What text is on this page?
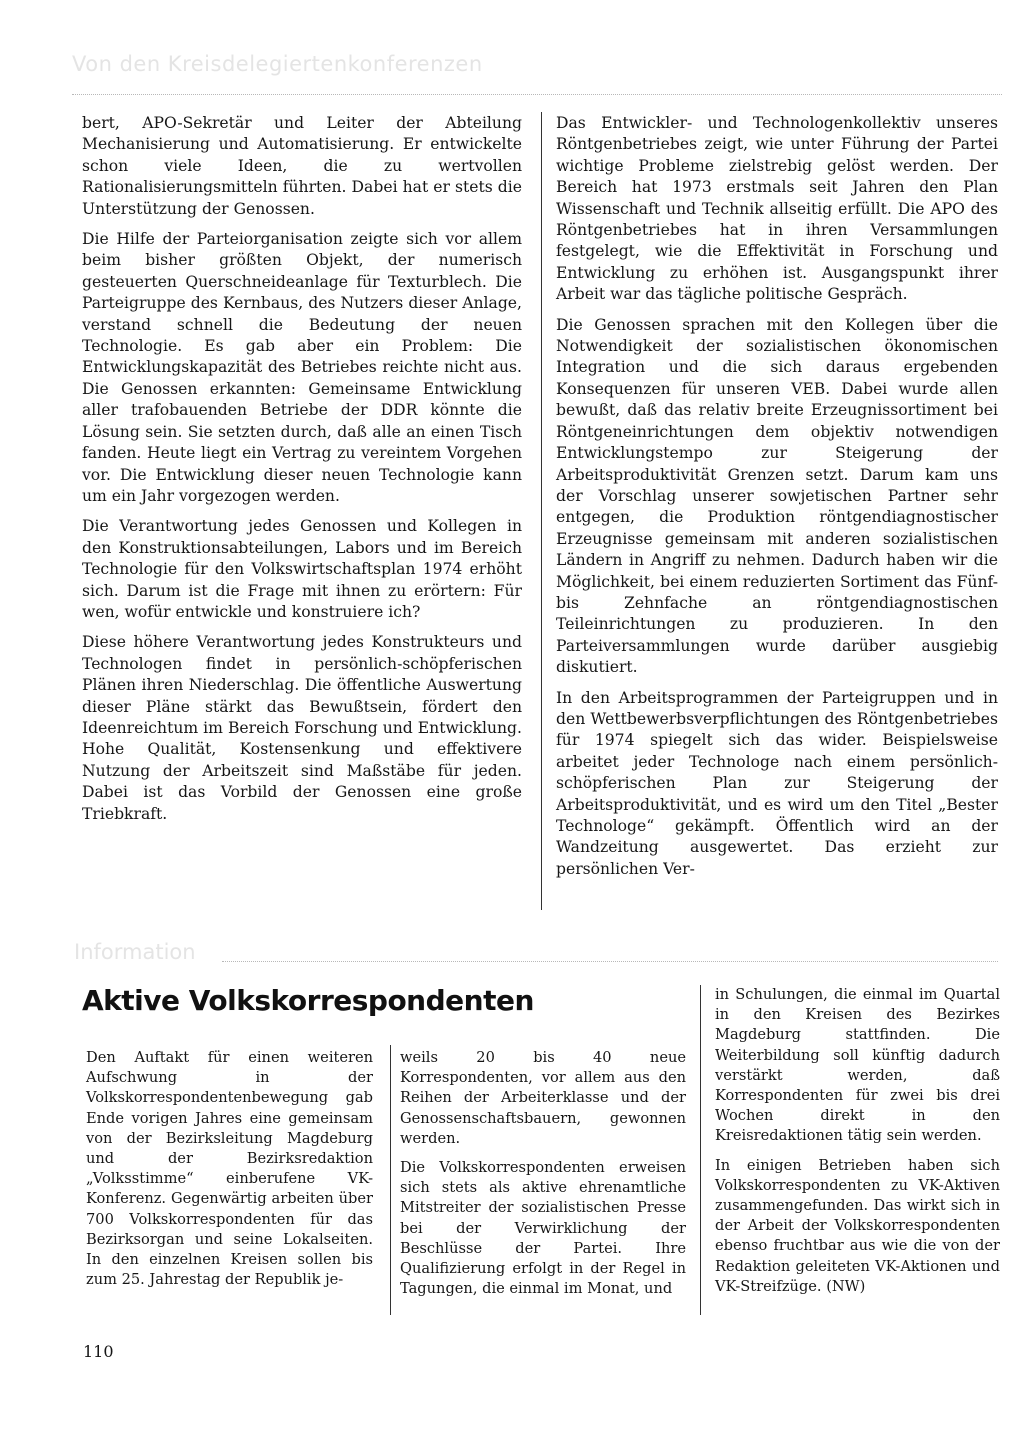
Von den Kreisdelegiertenkonferenzen

bert, APO-Sekretär und Leiter der Abteilung Mechanisierung und Automatisierung. Er entwickelte schon viele Ideen, die zu wertvollen Rationalisierungsmitteln führten. Dabei hat er stets die Unterstützung der Genossen.

Die Hilfe der Parteiorganisation zeigte sich vor allem beim bisher größten Objekt, der numerisch gesteuerten Querschneideanlage für Texturblech. Die Parteigruppe des Kernbaus, des Nutzers dieser Anlage, verstand schnell die Bedeutung der neuen Technologie. Es gab aber ein Problem: Die Entwicklungskapazität des Betriebes reichte nicht aus. Die Genossen erkannten: Gemeinsame Entwicklung aller trafobauenden Betriebe der DDR könnte die Lösung sein. Sie setzten durch, daß alle an einen Tisch fanden. Heute liegt ein Vertrag zu vereintem Vorgehen vor. Die Entwicklung dieser neuen Technologie kann um ein Jahr vorgezogen werden.

Die Verantwortung jedes Genossen und Kollegen in den Konstruktionsabteilungen, Labors und im Bereich Technologie für den Volkswirtschaftsplan 1974 erhöht sich. Darum ist die Frage mit ihnen zu erörtern: Für wen, wofür entwickle und konstruiere ich?

Diese höhere Verantwortung jedes Konstrukteurs und Technologen findet in persönlich-schöpferischen Plänen ihren Niederschlag. Die öffentliche Auswertung dieser Pläne stärkt das Bewußtsein, fördert den Ideenreichtum im Bereich Forschung und Entwicklung. Hohe Qualität, Kostensenkung und effektivere Nutzung der Arbeitszeit sind Maßstäbe für jeden. Dabei ist das Vorbild der Genossen eine große Triebkraft.

Das Entwickler- und Technologenkollektiv unseres Röntgenbetriebes zeigt, wie unter Führung der Partei wichtige Probleme zielstrebig gelöst werden. Der Bereich hat 1973 erstmals seit Jahren den Plan Wissenschaft und Technik allseitig erfüllt. Die APO des Röntgenbetriebes hat in ihren Versammlungen festgelegt, wie die Effektivität in Forschung und Entwicklung zu erhöhen ist. Ausgangspunkt ihrer Arbeit war das tägliche politische Gespräch.

Die Genossen sprachen mit den Kollegen über die Notwendigkeit der sozialistischen ökonomischen Integration und die sich daraus ergebenden Konsequenzen für unseren VEB. Dabei wurde allen bewußt, daß das relativ breite Erzeugnissortiment bei Röntgeneinrichtungen dem objektiv notwendigen Entwicklungstempo zur Steigerung der Arbeitsproduktivität Grenzen setzt. Darum kam uns der Vorschlag unserer sowjetischen Partner sehr entgegen, die Produktion röntgendiagnostischer Erzeugnisse gemeinsam mit anderen sozialistischen Ländern in Angriff zu nehmen. Dadurch haben wir die Möglichkeit, bei einem reduzierten Sortiment das Fünf- bis Zehnfache an röntgendiagnostischen Teileinrichtungen zu produzieren. In den Parteiversammlungen wurde darüber ausgiebig diskutiert.

In den Arbeitsprogrammen der Parteigruppen und in den Wettbewerbsverpflichtungen des Röntgenbetriebes für 1974 spiegelt sich das wider. Beispielsweise arbeitet jeder Technologe nach einem persönlich-schöpferischen Plan zur Steigerung der Arbeitsproduktivität, und es wird um den Titel „Bester Technologe“ gekämpft. Öffentlich wird an der Wandzeitung ausgewertet. Das erzieht zur persönlichen Ver-

Information
Aktive Volkskorrespondenten

Den Auftakt für einen weiteren Aufschwung in der Volkskorrespondentenbewegung gab Ende vorigen Jahres eine gemeinsam von der Bezirksleitung Magdeburg und der Bezirksredaktion „Volksstimme“ einberufene VK-Konferenz. Gegenwärtig arbeiten über 700 Volkskorrespondenten für das Bezirksorgan und seine Lokalseiten. In den einzelnen Kreisen sollen bis zum 25. Jahrestag der Republik je-

weils 20 bis 40 neue Korrespondenten, vor allem aus den Reihen der Arbeiterklasse und der Genossenschaftsbauern, gewonnen werden.

Die Volkskorrespondenten erweisen sich stets als aktive ehrenamtliche Mitstreiter der sozialistischen Presse bei der Verwirklichung der Beschlüsse der Partei. Ihre Qualifizierung erfolgt in der Regel in Tagungen, die einmal im Monat, und

in Schulungen, die einmal im Quartal in den Kreisen des Bezirkes Magdeburg stattfinden. Die Weiterbildung soll künftig dadurch verstärkt werden, daß Korrespondenten für zwei bis drei Wochen direkt in den Kreisredaktionen tätig sein werden.

In einigen Betrieben haben sich Volkskorrespondenten zu VK-Aktiven zusammengefunden. Das wirkt sich in der Arbeit der Volkskorrespondenten ebenso fruchtbar aus wie die von der Redaktion geleiteten VK-Aktionen und VK-Streifzüge. (NW)

110
